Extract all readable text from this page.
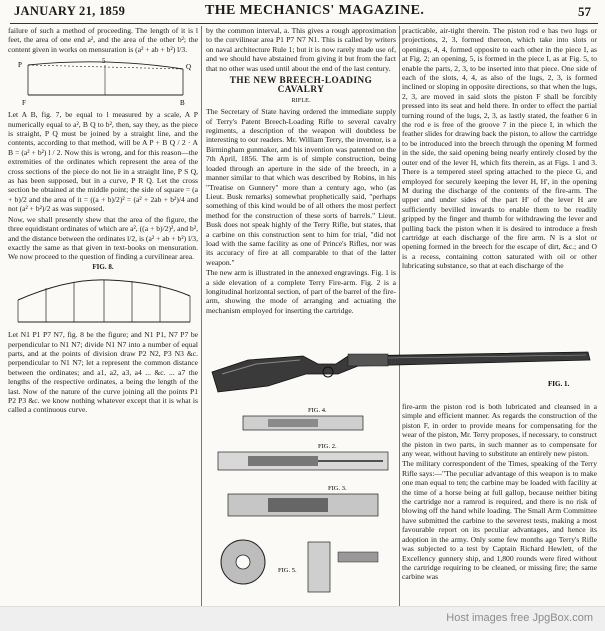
JANUARY 21, 1859	THE MECHANICS' MAGAZINE.	57

failure of such a method of proceeding. The length of it is l feet, the area of one end a², and the area of the other b²; the content given in works on mensuration is (a² + ab + b²) l/3.

P	Q
5
F	B

Let A B, fig. 7, be equal to l measured by a scale, A P numerically equal to a², B Q to b², then, say they, as the piece is straight, P Q must be joined by a straight line, and the contents, according to that method, will be A P + B Q / 2 · A B = (a² + b²) l / 2. Now this is wrong, and for this reason—the extremities of the ordinates which represent the area of the cross sections of the piece do not lie in a straight line, P S Q, as has been supposed, but in a curve, P R Q. Let the cross section be obtained at the middle point; the side of square = (a + b)/2 and the area of it = ((a + b)/2)² = (a² + 2ab + b²)/4 and not (a² + b²)/2 as was supposed.

Now, we shall presently shew that the area of the figure, the three equidistant ordinates of which are a², ((a + b)/2)², and b², and the distance between the ordinates l/2, is (a² + ab + b²) l/3, exactly the same as that given in text-books on mensuration. We now proceed to the question of finding a curvilinear area.

FIG. 8.

Let N1 P1 P7 N7, fig. 8 be the figure; and N1 P1, N7 P7 be perpendicular to N1 N7; divide N1 N7 into a number of equal parts, and at the points of division draw P2 N2, P3 N3 &c. perpendicular to N1 N7; let a represent the common distance between the ordinates; and a1, a2, a3, a4 ... &c. ... a7 the lengths of the respective ordinates, a being the length of the last. Now of the nature of the curve joining all the points P1 P2 P3 &c. we know nothing whatever except that it is what is called a continuous curve.

by the common interval, a. This gives a rough approximation to the curvilinear area P1 P7 N7 N1. This is called by writers on naval architecture Rule 1; but it is now rarely made use of, and we should have abstained from giving it but from the fact that no other was used until about the end of the last century.

THE NEW BREECH-LOADING CAVALRY
RIFLE.

The Secretary of State having ordered the immediate supply of Terry's Patent Breech-Loading Rifle to several cavalry regiments, a description of the weapon will doubtless be interesting to our readers. Mr. William Terry, the inventor, is a Birmingham gunmaker, and his invention was patented on the 7th April, 1856. The arm is of simple construction, being loaded through an aperture in the side of the breech, in a manner similar to that which was described by Robins, in his "Treatise on Gunnery" more than a century ago, who (as Lieut. Busk remarks) somewhat prophetically said, "perhaps something of this kind would be of all others the most perfect method for the construction of these sorts of barrels." Lieut. Busk does not speak highly of the Terry Rifle, but states, that a carbine on this construction sent to him for trial, "did not load with the same facility as one of Prince's Rifles, nor was its accuracy of fire at all comparable to that of the latter weapon."

The new arm is illustrated in the annexed engravings. Fig. 1 is a side elevation of a complete Terry Fire-arm. Fig. 2 is a longitudinal horizontal section, of part of the barrel of the fire-arm, showing the mode of arranging and actuating the mechanism employed for inserting the cartridge.

FIG. 1.
FIG. 4.
FIG. 2.
FIG. 3.
FIG. 5.

practicable, air-tight therein. The piston rod e has two lugs or projections, 2, 3, formed thereon, which take into slots or openings, 4, 4, formed opposite to each other in the piece I, as at Fig. 2; an opening, 5, is formed in the piece I, as at Fig. 5, to enable the parts, 2, 3, to be inserted into that piece. One side of each of the slots, 4, 4, as also of the lugs, 2, 3, is formed inclined or sloping in opposite directions, so that when the lugs, 2, 3, are moved in said slots the piston F shall be forcibly pressed into its seat and held there. In order to effect the partial turning round of the lugs, 2, 3, as lastly stated, the feather 6 in the rod e is free of the groove 7 in the piece I, in which the feather slides for drawing back the piston, to allow the cartridge to be introduced into the breech through the opening M formed in the side, the said opening being nearly entirely closed by the outer end of the lever H, which fits therein, as at Figs. 1 and 3. There is a tempered steel spring attached to the piece G, and employed for securely keeping the lever H, H', in the opening M during the discharge of the contents of the fire-arm. The upper and under sides of the part H' of the lever H are sufficiently bevilled inwards to enable them to be readily gripped by the finger and thumb for withdrawing the lever and pulling back the piston when it is desired to introduce a fresh cartridge at each discharge of the fire arm. N is a slot or opening formed in the breech for the escape of dirt, &c.; and O is a recess, containing cotton saturated with oil or other lubricating substance, so that at each discharge of the

fire-arm the piston rod is both lubricated and cleansed in a simple and efficient manner. As regards the construction of the piston F, in order to provide means for compensating for the wear of the piston, Mr. Terry proposes, if necessary, to construct the piston in two parts, in such manner as to compensate for any wear, without having to substitute an entirely new piston.

The military correspondent of the Times, speaking of the Terry Rifle says:—"The peculiar advantage of this weapon is to make one man equal to ten; the carbine may be loaded with facility at the time of a horse being at full gallop, because neither biting the cartridge nor a ramrod is required, and there is no risk of blowing off the hand while loading. The Small Arm Committee have submitted the carbine to the severest tests, making a most favourable report on its peculiar advantages, and hence its adoption in the army. Only some few months ago Terry's Rifle was subjected to a test by Captain Richard Hewlett, of the Excellency gunnery ship, and 1,800 rounds were fired without the cartridge requiring to be cleaned, or missing fire; the same carbine was

Host images free JpgBox.com
